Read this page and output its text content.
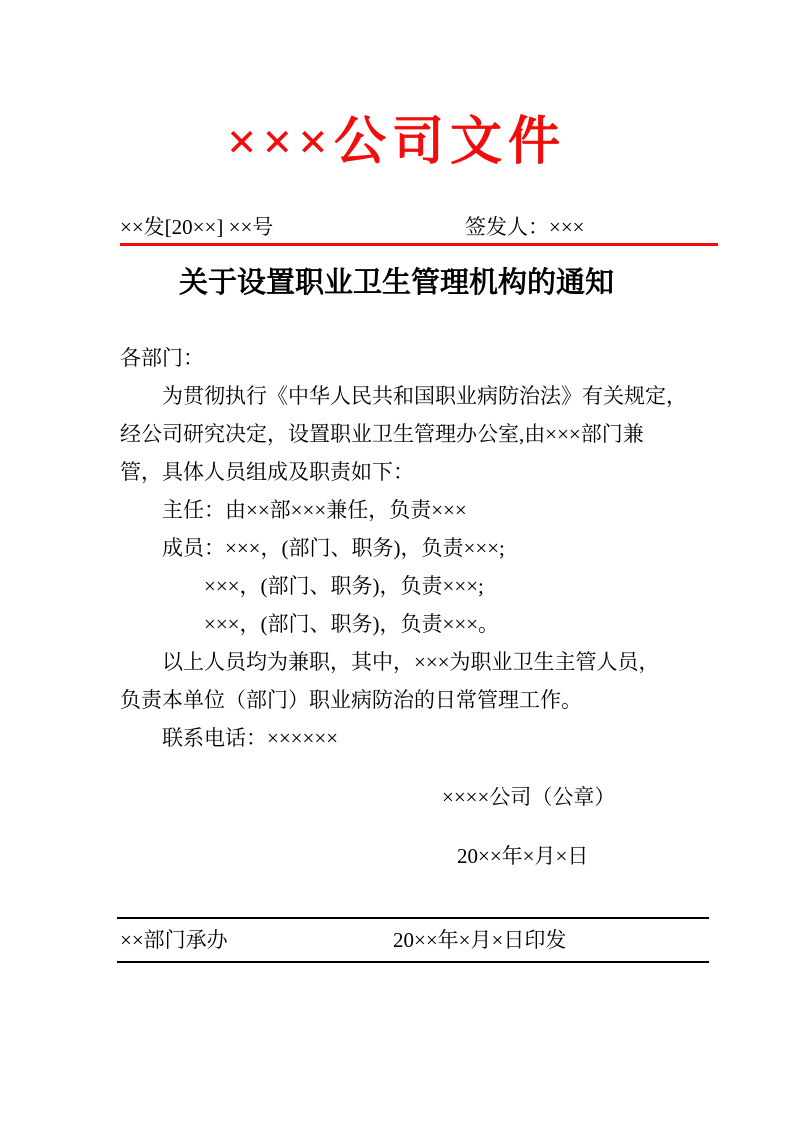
×××公司文件
××发[20××] ××号	签发人：×××
关于设置职业卫生管理机构的通知
各部门：
为贯彻执行《中华人民共和国职业病防治法》有关规定，
经公司研究决定，设置职业卫生管理办公室,由×××部门兼
管，具体人员组成及职责如下：
主任：由××部×××兼任，负责×××
成员：×××，(部门、职务)，负责×××;
×××，(部门、职务)，负责×××;
×××，(部门、职务)，负责×××。
以上人员均为兼职，其中，×××为职业卫生主管人员，
负责本单位（部门）职业病防治的日常管理工作。
联系电话：××××××
××××公司（公章）
20××年×月×日
××部门承办	20××年×月×日印发
